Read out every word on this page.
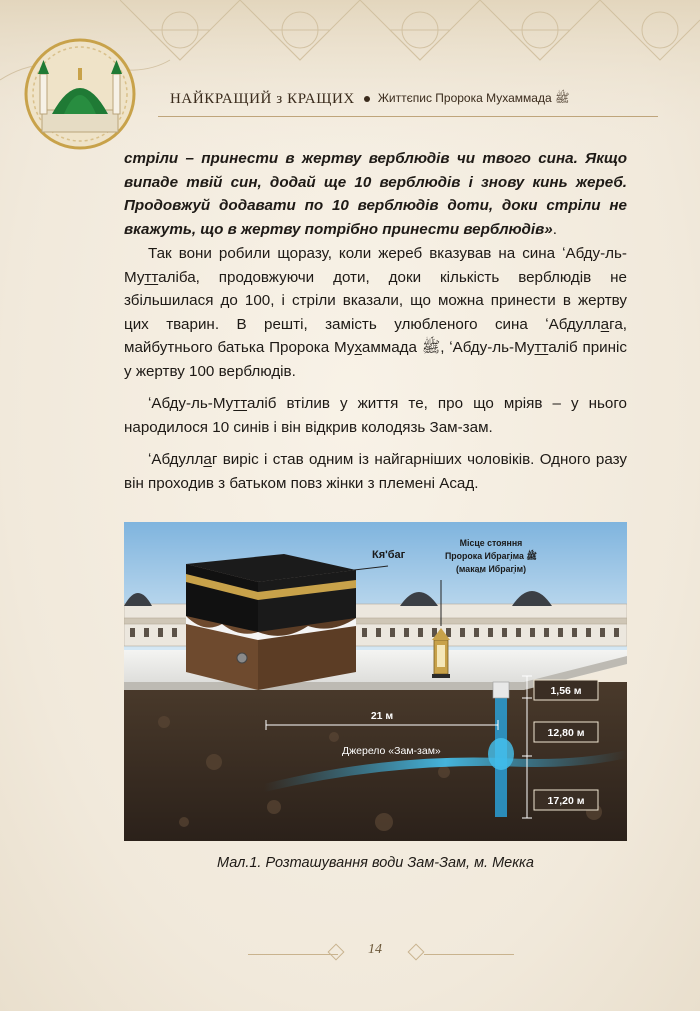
НАЙКРАЩИЙ з КРАЩИХ Життєпис Пророка Мухаммада ﷺ
стріли – принести в жертву верблюдів чи твого сина. Якщо випаде твій син, додай ще 10 верблюдів і знову кинь жереб. Продовжуй додавати по 10 верблюдів доти, доки стріли не вкажуть, що в жертву потрібно принести верблюдів».
Так вони робили щоразу, коли жереб вказував на сина ʻАбду-ль-Мутталіба, продовжуючи доти, доки кількість верблюдів не збільшилася до 100, і стріли вказали, що можна принести в жертву цих тварин. В решті, замість улюбленого сина ʻАбдуллага, майбутнього батька Пророка Мухаммада ﷺ, ʻАбду-ль-Мутталіб приніс у жертву 100 верблюдів.
ʻАбду-ль-Мутталіб втілив у життя те, про що мріяв – у нього народилося 10 синів і він відкрив колодязь Зам-зам.
ʻАбдуллаг виріс і став одним із найгарніших чоловіків. Одного разу він проходив з батьком повз жінки з племені Асад.
1,56 м
12,80 м
17,20 м
21 м
Джерело «Зам-зам»
Кя'баг
Місце стояння
Пророка Ибраг̣іма ﷺ
(мака̲м Ибраг̣ім)
Мал.1. Розташування води Зам-Зам, м. Мекка
14
